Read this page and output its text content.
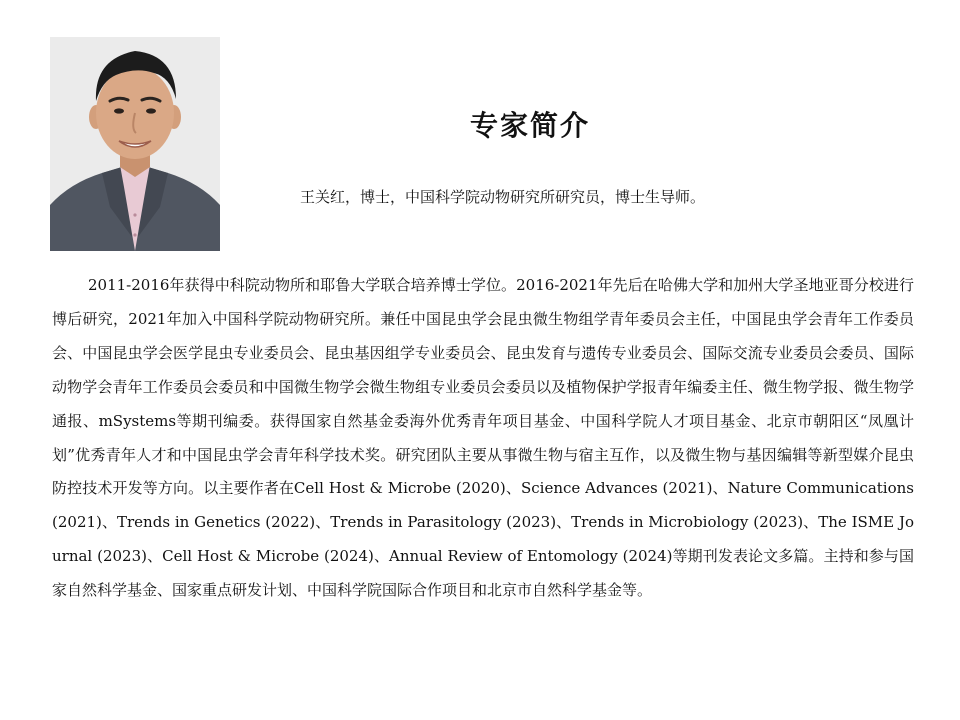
专家简介
王关红，博士，中国科学院动物研究所研究员，博士生导师。

2011-2016年获得中科院动物所和耶鲁大学联合培养博士学位。2016-2021年先后在哈佛大学和加州大学圣地亚哥分校进行博后研究，2021年加入中国科学院动物研究所。兼任中国昆虫学会昆虫微生物组学青年委员会主任，中国昆虫学会青年工作委员会、中国昆虫学会医学昆虫专业委员会、昆虫基因组学专业委员会、昆虫发育与遗传专业委员会、国际交流专业委员会委员、国际动物学会青年工作委员会委员和中国微生物学会微生物组专业委员会委员以及植物保护学报青年编委主任、微生物学报、微生物学通报、mSystems等期刊编委。获得国家自然基金委海外优秀青年项目基金、中国科学院人才项目基金、北京市朝阳区“凤凰计划”优秀青年人才和中国昆虫学会青年科学技术奖。研究团队主要从事微生物与宿主互作，以及微生物与基因编辑等新型媒介昆虫防控技术开发等方向。以主要作者在Cell Host & Microbe (2020)、Science Advances (2021)、Nature Communications (2021)、Trends in Genetics (2022)、Trends in Parasitology (2023)、Trends in Microbiology (2023)、The ISME Journal (2023)、Cell Host & Microbe (2024)、Annual Review of Entomology (2024)等期刊发表论文多篇。主持和参与国家自然科学基金、国家重点研发计划、中国科学院国际合作项目和北京市自然科学基金等。
